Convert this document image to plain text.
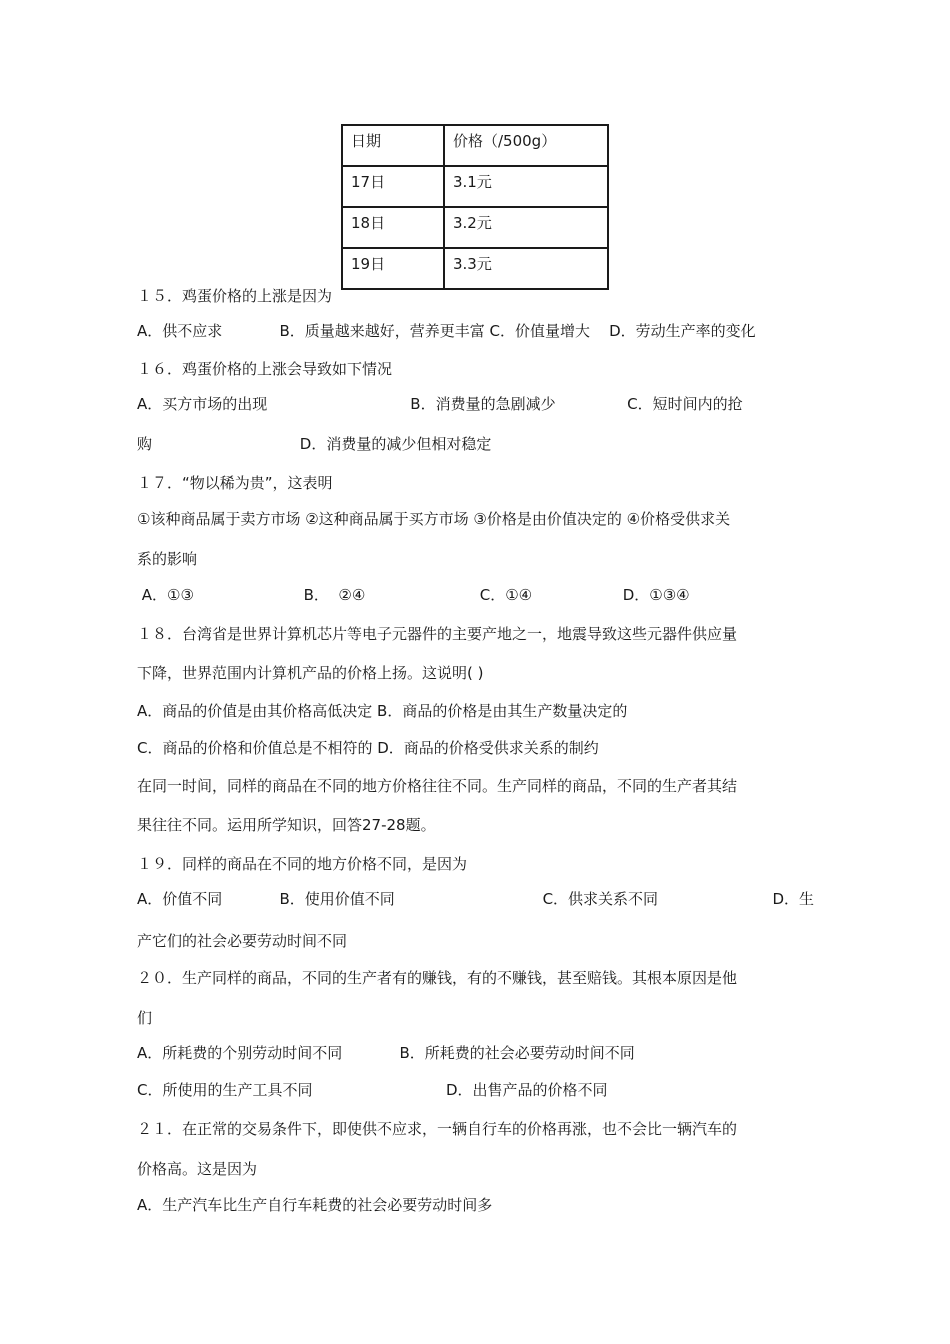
日期	价格（/500g）
17日	3.1元
18日	3.2元
19日	3.3元
１５．鸡蛋价格的上涨是因为
A．供不应求            B．质量越来越好，营养更丰富 C．价值量增大    D．劳动生产率的变化
１６．鸡蛋价格的上涨会导致如下情况
A．买方市场的出现                              B．消费量的急剧减少               C．短时间内的抢
购                               D．消费量的减少但相对稳定
１７．“物以稀为贵”，这表明
①该种商品属于卖方市场 ②这种商品属于买方市场 ③价格是由价值决定的 ④价格受供求关
系的影响
A．①③                       B．  ②④                        C．①④                   D．①③④
１８．台湾省是世界计算机芯片等电子元器件的主要产地之一，地震导致这些元器件供应量
下降，世界范围内计算机产品的价格上扬。这说明( )
A．商品的价值是由其价格高低决定 B．商品的价格是由其生产数量决定的
C．商品的价格和价值总是不相符的 D．商品的价格受供求关系的制约
在同一时间，同样的商品在不同的地方价格往往不同。生产同样的商品，不同的生产者其结
果往往不同。运用所学知识，回答27-28题。
１９．同样的商品在不同的地方价格不同，是因为
A．价值不同            B．使用价值不同                               C．供求关系不同                        D．生
产它们的社会必要劳动时间不同
２０．生产同样的商品，不同的生产者有的赚钱，有的不赚钱，甚至赔钱。其根本原因是他
们
A．所耗费的个别劳动时间不同            B．所耗费的社会必要劳动时间不同
C．所使用的生产工具不同                            D．出售产品的价格不同
２１．在正常的交易条件下，即使供不应求，一辆自行车的价格再涨，也不会比一辆汽车的
价格高。这是因为
A．生产汽车比生产自行车耗费的社会必要劳动时间多
